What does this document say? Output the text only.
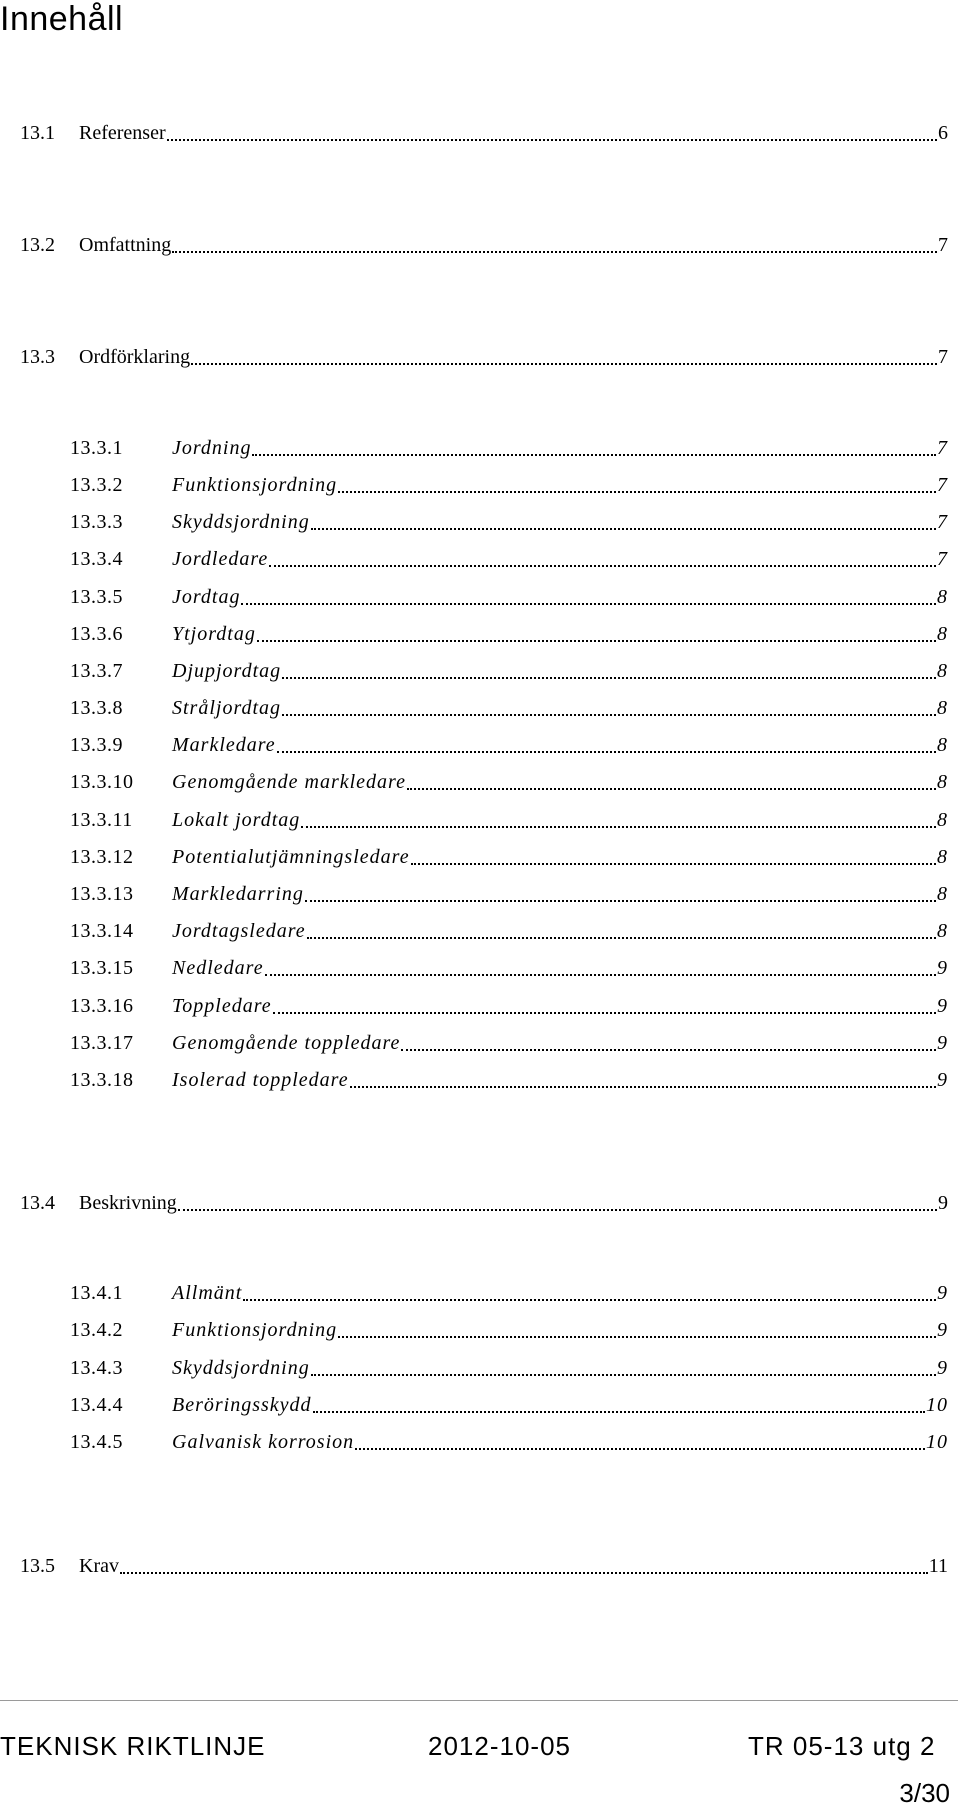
Innehåll
13.1	Referenser	6
13.2	Omfattning	7
13.3	Ordförklaring	7
13.3.1	Jordning	7
13.3.2	Funktionsjordning	7
13.3.3	Skyddsjordning	7
13.3.4	Jordledare	7
13.3.5	Jordtag	8
13.3.6	Ytjordtag	8
13.3.7	Djupjordtag	8
13.3.8	Stråljordtag	8
13.3.9	Markledare	8
13.3.10	Genomgående markledare	8
13.3.11	Lokalt jordtag	8
13.3.12	Potentialutjämningsledare	8
13.3.13	Markledarring	8
13.3.14	Jordtagsledare	8
13.3.15	Nedledare	9
13.3.16	Toppledare	9
13.3.17	Genomgående toppledare	9
13.3.18	Isolerad toppledare	9
13.4	Beskrivning	9
13.4.1	Allmänt	9
13.4.2	Funktionsjordning	9
13.4.3	Skyddsjordning	9
13.4.4	Beröringsskydd	10
13.4.5	Galvanisk korrosion	10
13.5	Krav	11
TEKNISK RIKTLINJE	2012-10-05	TR 05-13 utg 2
3/30
